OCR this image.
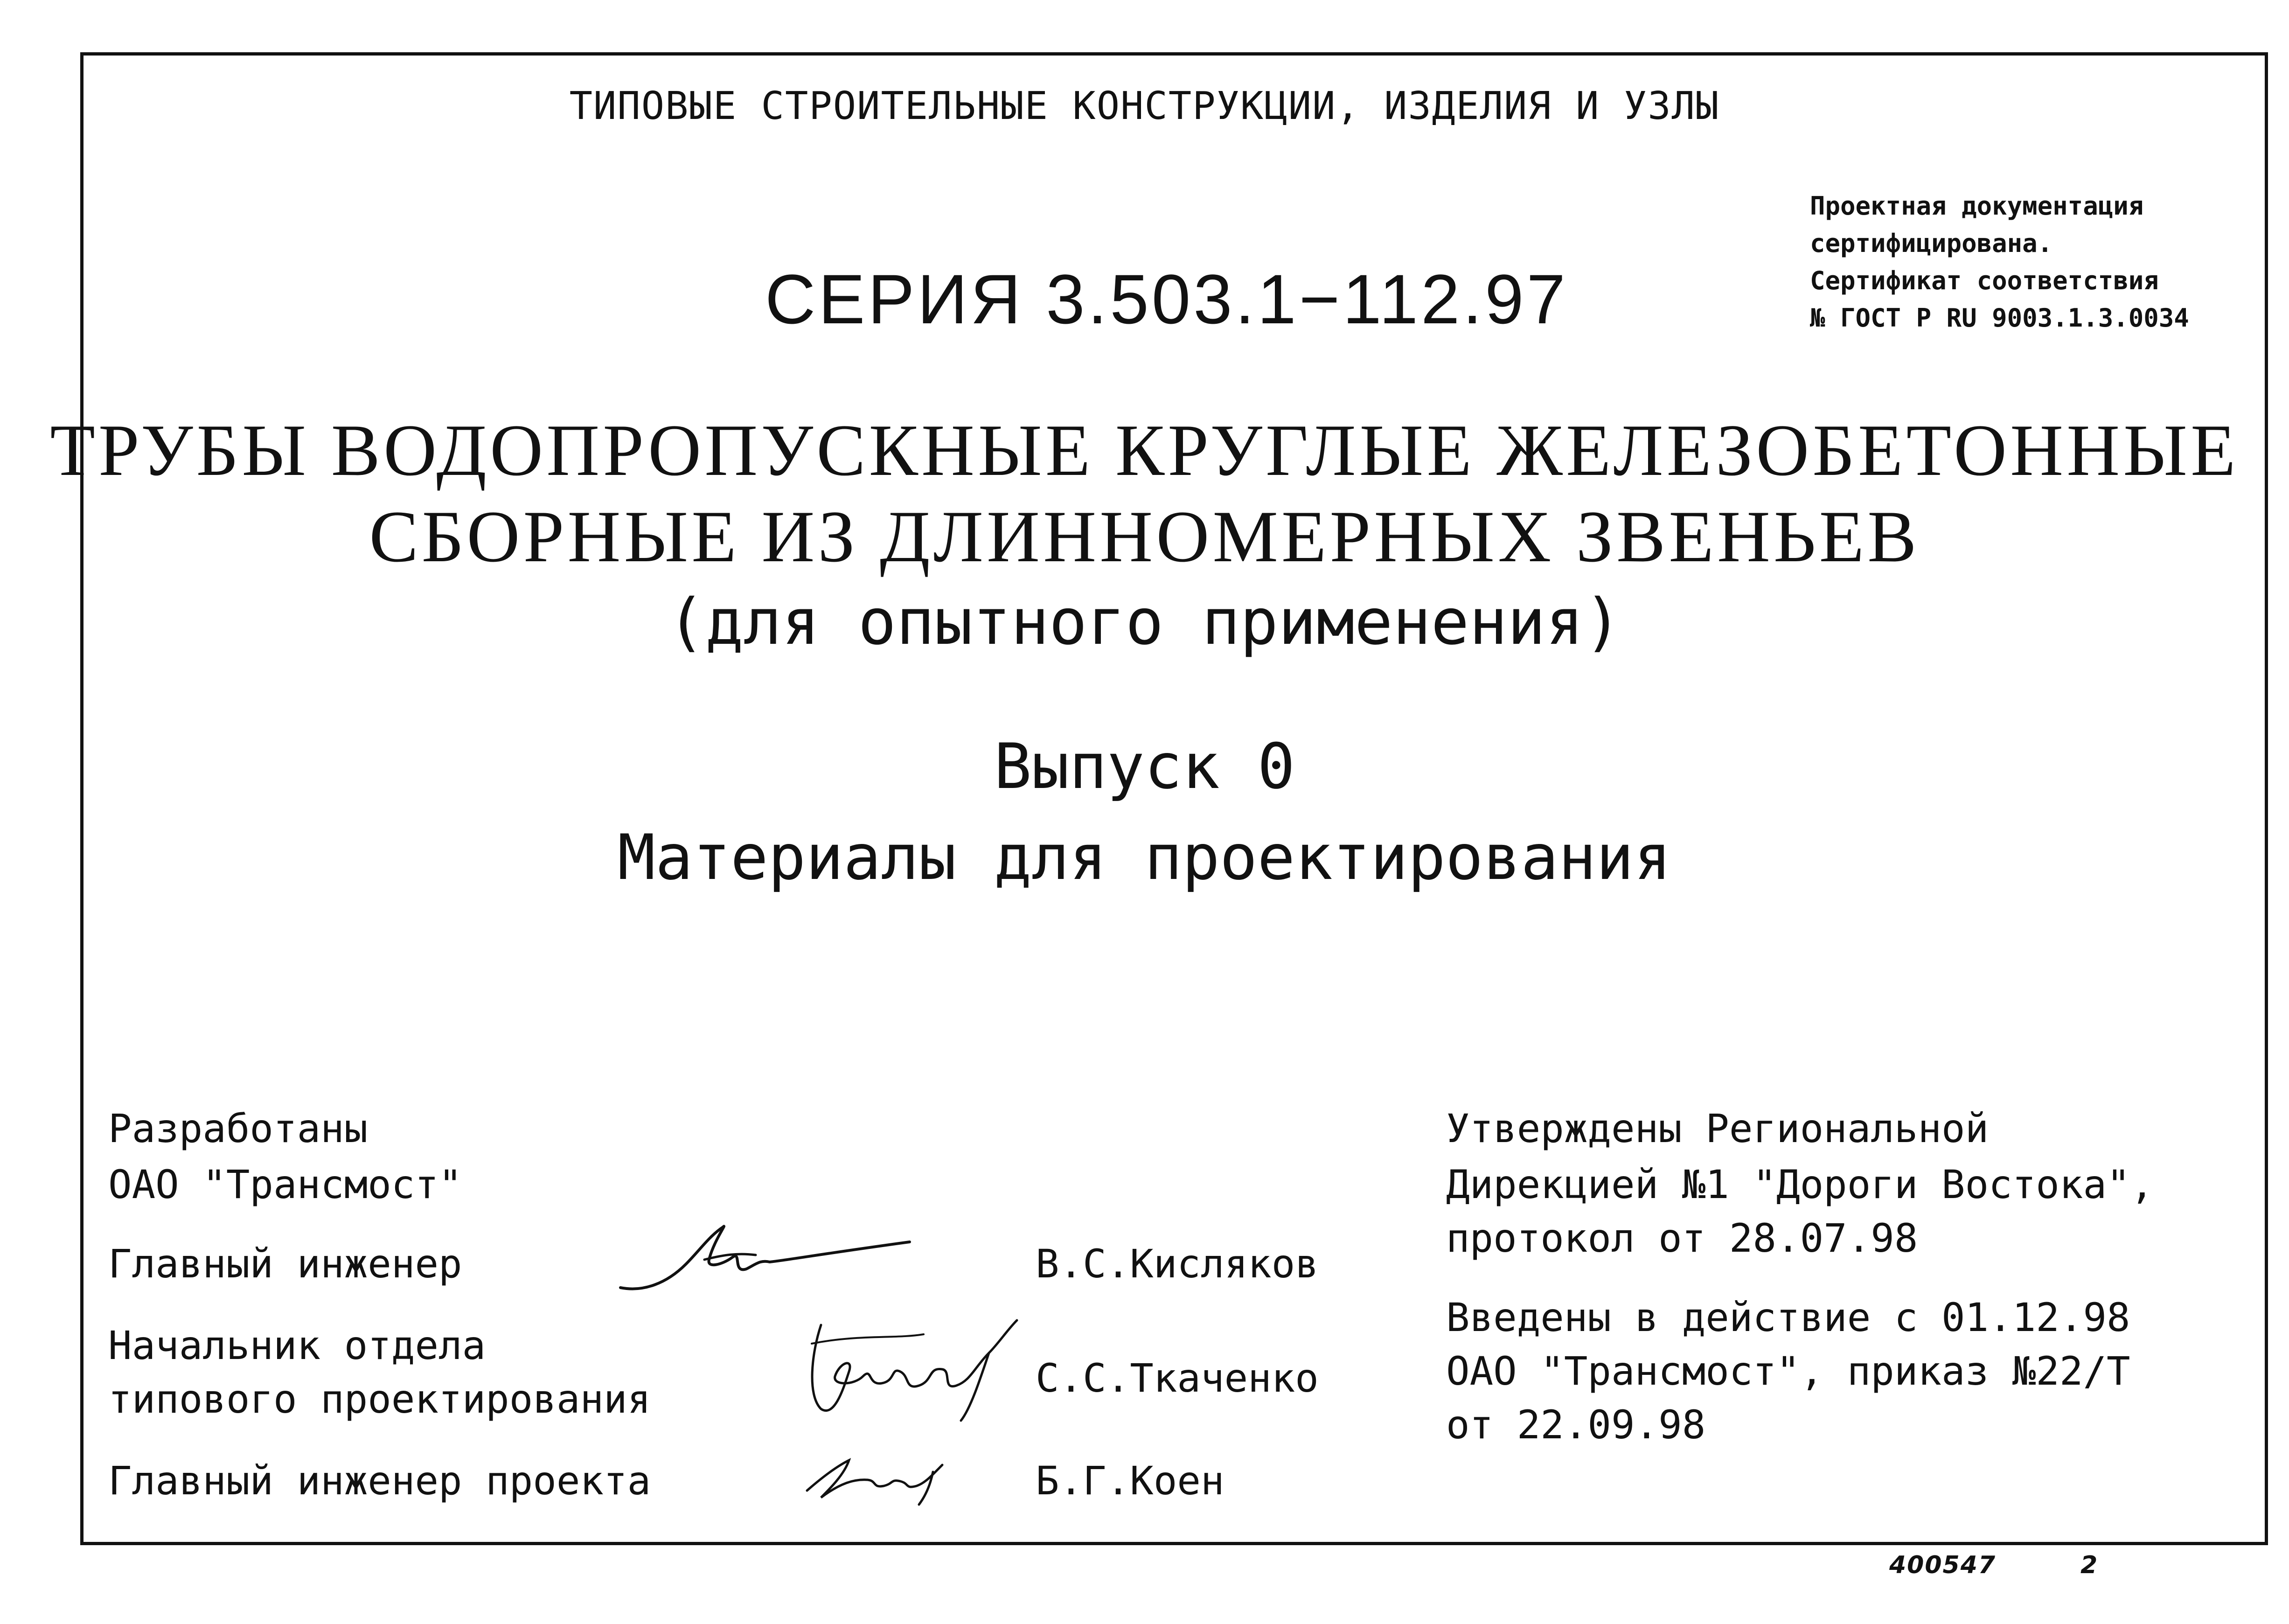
ТИПОВЫЕ СТРОИТЕЛЬНЫЕ КОНСТРУКЦИИ, ИЗДЕЛИЯ И УЗЛЫ
СЕРИЯ 3.503.1−112.97
Проектная документация
сертифицирована.
Сертификат соответствия
№ ГОСТ Р RU 9003.1.3.0034
ТРУБЫ ВОДОПРОПУСКНЫЕ КРУГЛЫЕ ЖЕЛЕЗОБЕТОННЫЕ
СБОРНЫЕ ИЗ ДЛИННОМЕРНЫХ ЗВЕНЬЕВ
(для опытного применения)
Выпуск 0
Материалы для проектирования
Разработаны
ОАО "Трансмост"
Главный инженер	В.С.Кисляков
Начальник отдела
типового проектирования	С.С.Ткаченко
Главный инженер проекта	Б.Г.Коен
Утверждены Региональной
Дирекцией №1 "Дороги Востока",
протокол от 28.07.98
Введены в действие с 01.12.98
ОАО "Трансмост", приказ №22/Т
от 22.09.98
400547	2
